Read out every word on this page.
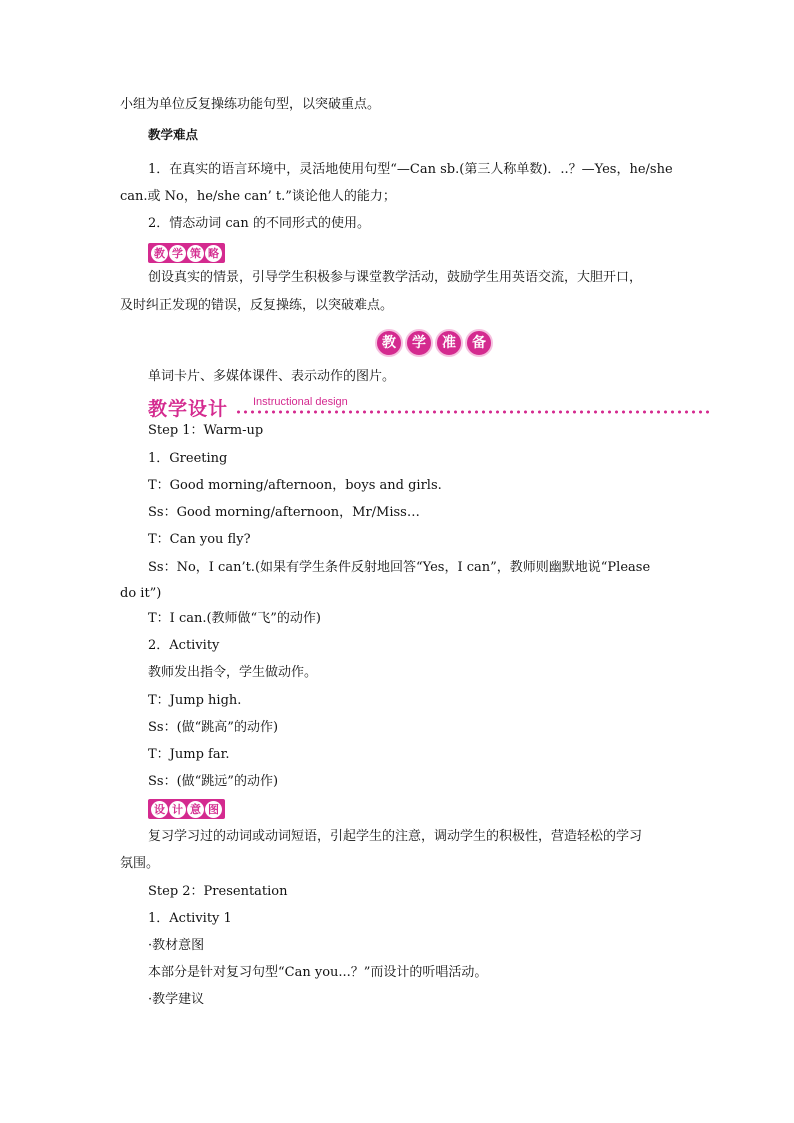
小组为单位反复操练功能句型，以突破重点。
教学难点
1．在真实的语言环境中，灵活地使用句型“—Can sb.(第三人称单数)．..？—Yes，he/she
can.或 No，he/she can’ t.”谈论他人的能力；
2．情态动词 can 的不同形式的使用。
教 学 策 略
创设真实的情景，引导学生积极参与课堂教学活动，鼓励学生用英语交流，大胆开口，
及时纠正发现的错误，反复操练，以突破难点。
教	学	准	备
单词卡片、多媒体课件、表示动作的图片。
教学设计 Instructional design
Step 1：Warm-up
1．Greeting
T：Good morning/afternoon，boys and girls.
Ss：Good morning/afternoon，Mr/Miss…
T：Can you fly?
Ss：No，I can’t.(如果有学生条件反射地回答“Yes，I can”，教师则幽默地说“Please
do it”)
T：I can.(教师做“飞”的动作)
2．Activity
教师发出指令，学生做动作。
T：Jump high.
Ss：(做“跳高”的动作)
T：Jump far.
Ss：(做“跳远”的动作)
设 计 意 图
复习学习过的动词或动词短语，引起学生的注意，调动学生的积极性，营造轻松的学习
氛围。
Step 2：Presentation
1．Activity 1
·教材意图
本部分是针对复习句型“Can you...？”而设计的听唱活动。
·教学建议
